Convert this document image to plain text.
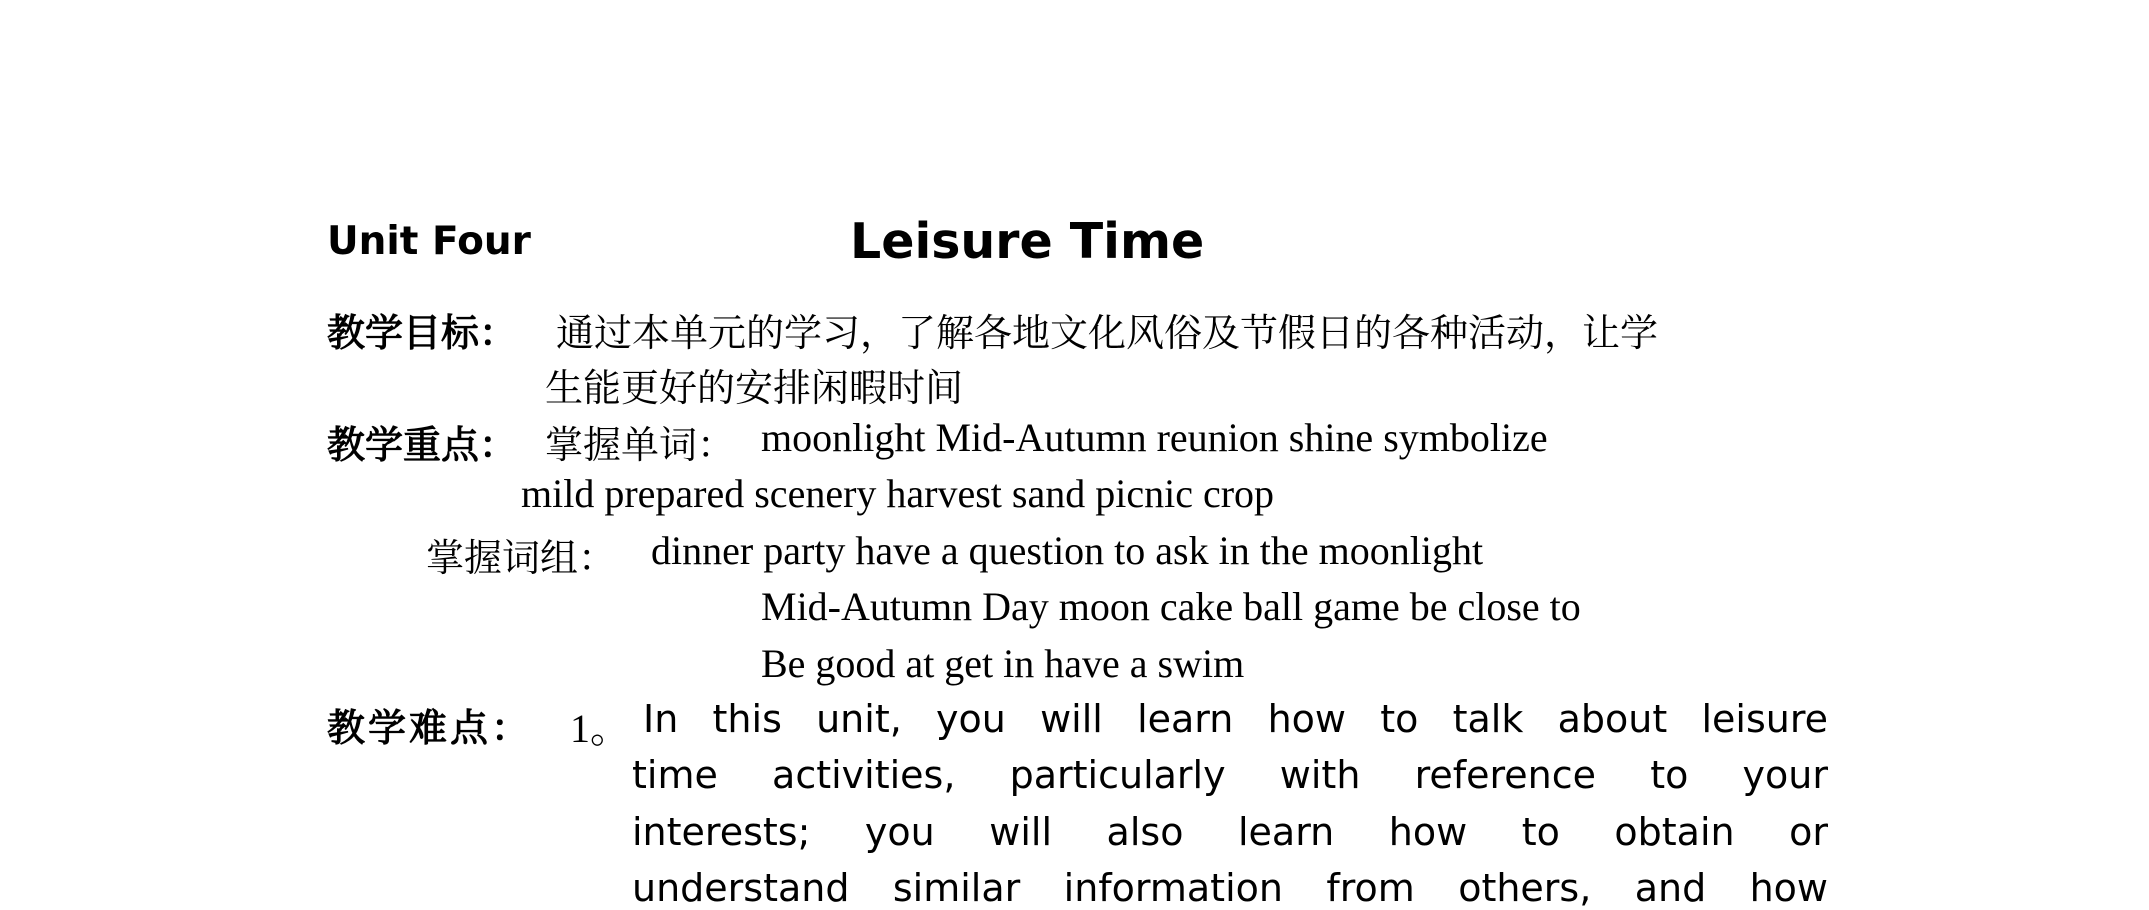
Unit Four	Leisure Time
教学目标： 通过本单元的学习，了解各地文化风俗及节假日的各种活动，让学
生能更好的安排闲暇时间
教学重点： 掌握单词： moonlight Mid-Autumn reunion shine symbolize
mild prepared scenery harvest sand picnic crop
掌握词组： dinner party have a question to ask in the moonlight
Mid-Autumn Day moon cake ball game be close to
Be good at get in have a swim
教学难点： 1。 In this unit, you will learn how to talk about leisure
time activities, particularly with reference to your
interests; you will also learn how to obtain or
understand similar information from others, and how
